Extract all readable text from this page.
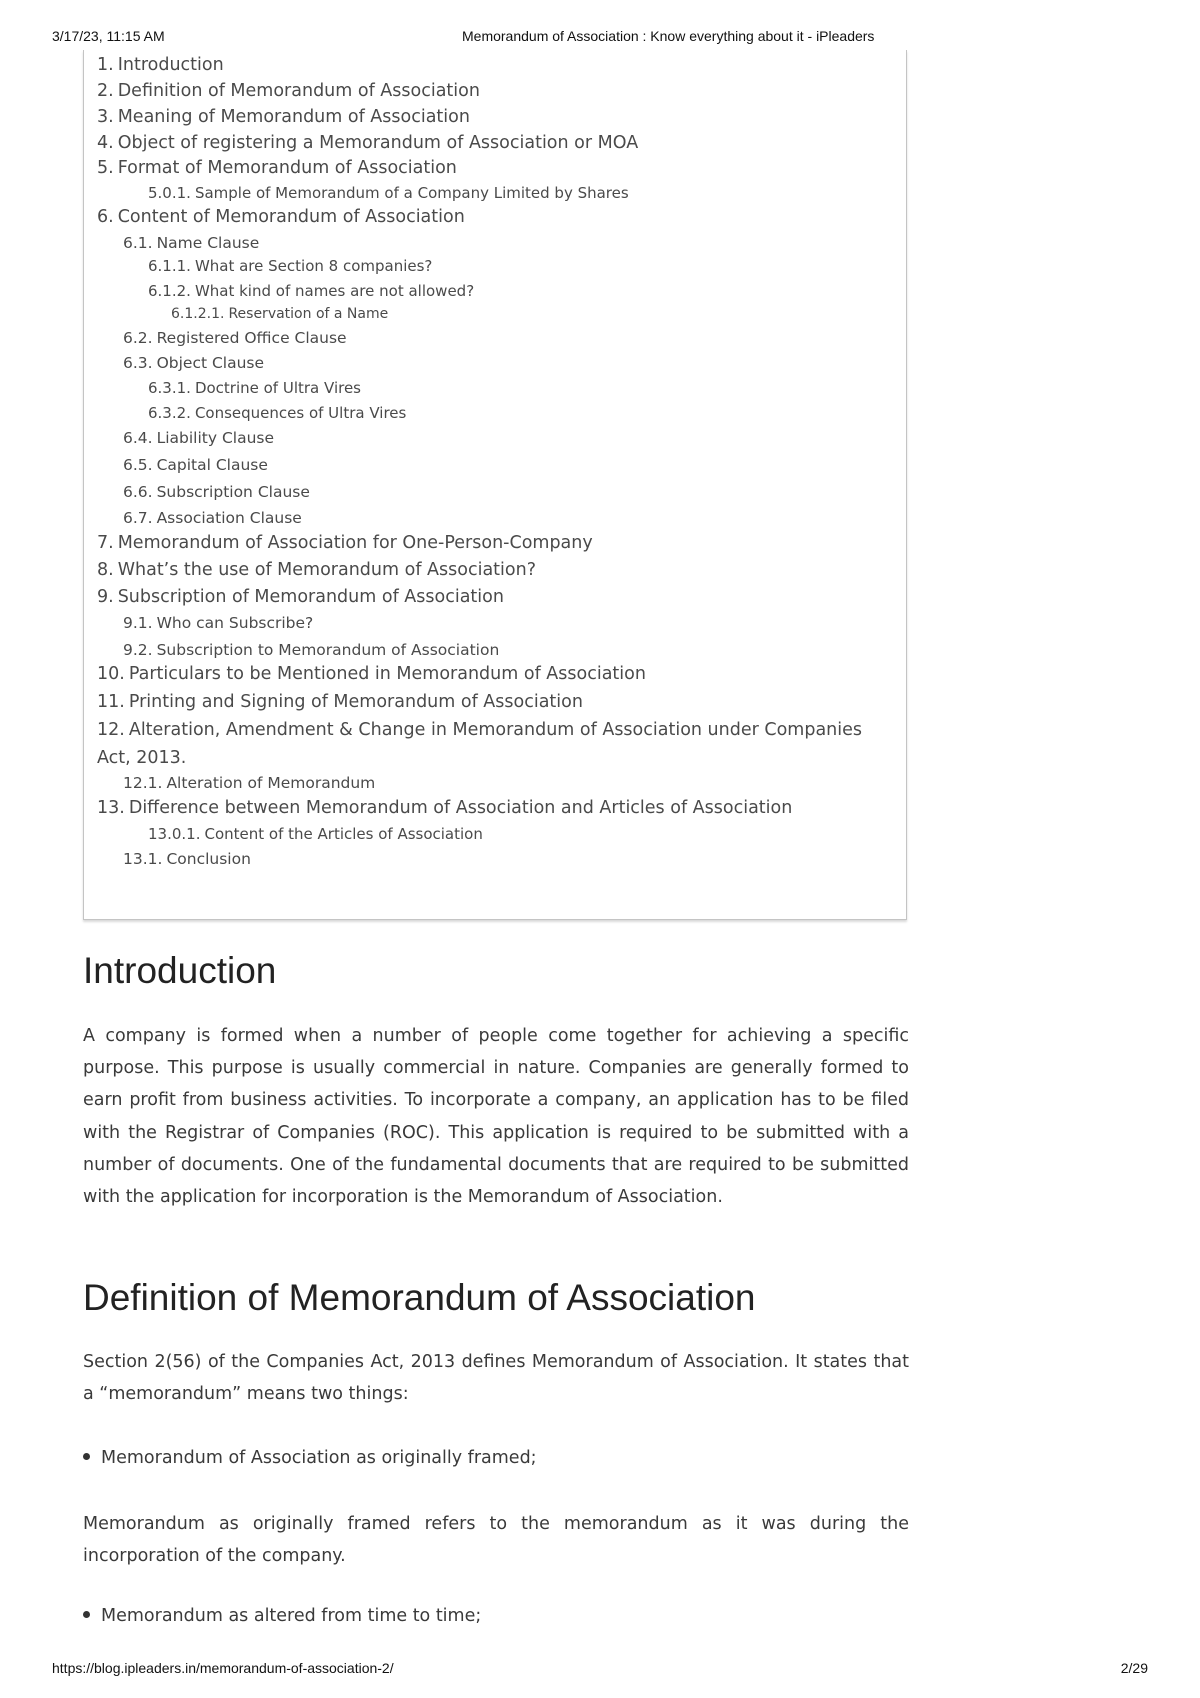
3/17/23, 11:15 AM	Memorandum of Association : Know everything about it - iPleaders
1. Introduction
2. Definition of Memorandum of Association
3. Meaning of Memorandum of Association
4. Object of registering a Memorandum of Association or MOA
5. Format of Memorandum of Association
5.0.1. Sample of Memorandum of a Company Limited by Shares
6. Content of Memorandum of Association
6.1. Name Clause
6.1.1. What are Section 8 companies?
6.1.2. What kind of names are not allowed?
6.1.2.1. Reservation of a Name
6.2. Registered Office Clause
6.3. Object Clause
6.3.1. Doctrine of Ultra Vires
6.3.2. Consequences of Ultra Vires
6.4. Liability Clause
6.5. Capital Clause
6.6. Subscription Clause
6.7. Association Clause
7. Memorandum of Association for One-Person-Company
8. What’s the use of Memorandum of Association?
9. Subscription of Memorandum of Association
9.1. Who can Subscribe?
9.2. Subscription to Memorandum of Association
10. Particulars to be Mentioned in Memorandum of Association
11. Printing and Signing of Memorandum of Association
12. Alteration, Amendment & Change in Memorandum of Association under Companies Act, 2013.
12.1. Alteration of Memorandum
13. Difference between Memorandum of Association and Articles of Association
13.0.1. Content of the Articles of Association
13.1. Conclusion
Introduction

A company is formed when a number of people come together for achieving a specific purpose. This purpose is usually commercial in nature. Companies are generally formed to earn profit from business activities. To incorporate a company, an application has to be filed with the Registrar of Companies (ROC). This application is required to be submitted with a number of documents. One of the fundamental documents that are required to be submitted with the application for incorporation is the Memorandum of Association.

Definition of Memorandum of Association

Section 2(56) of the Companies Act, 2013 defines Memorandum of Association. It states that a “memorandum” means two things:

Memorandum of Association as originally framed;

Memorandum as originally framed refers to the memorandum as it was during the incorporation of the company.

Memorandum as altered from time to time;
https://blog.ipleaders.in/memorandum-of-association-2/	2/29
